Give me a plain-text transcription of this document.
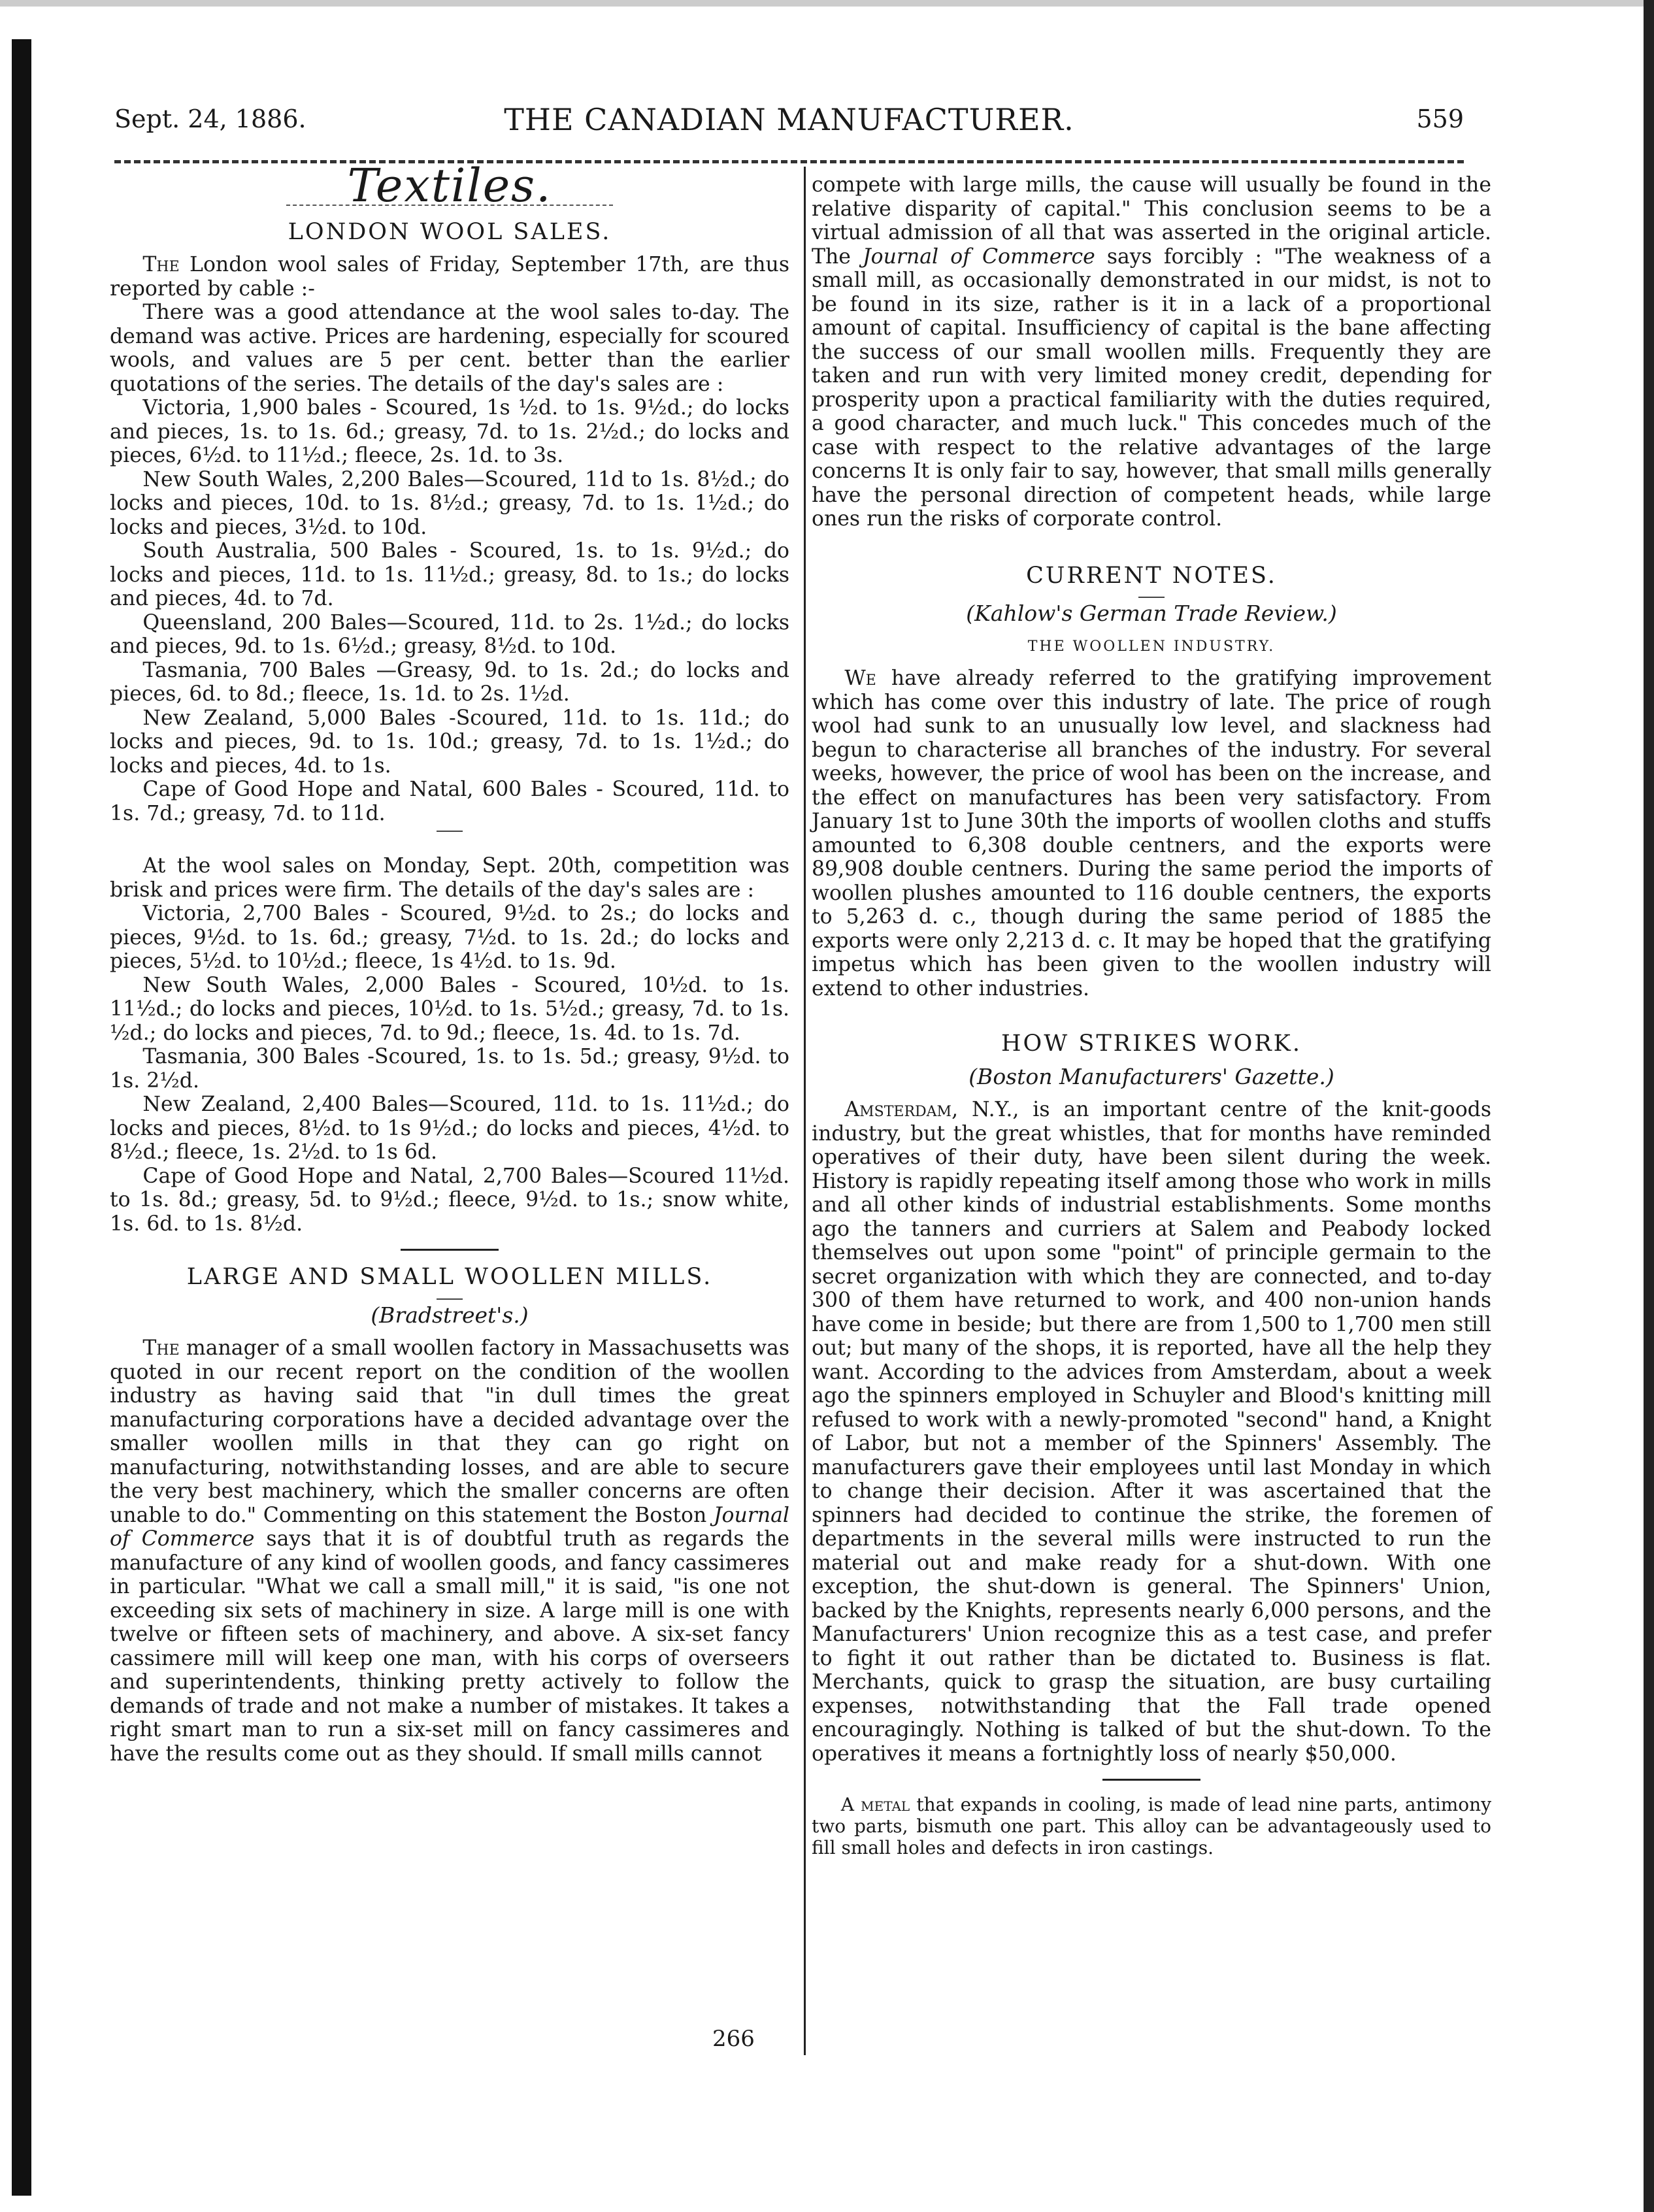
Sept. 24, 1886.	THE CANADIAN MANUFACTURER.	559
Textiles.
LONDON WOOL SALES.

The London wool sales of Friday, September 17th, are thus reported by cable :-

There was a good attendance at the wool sales to-day. The demand was active. Prices are hardening, especially for scoured wools, and values are 5 per cent. better than the earlier quotations of the series. The details of the day's sales are :

Victoria, 1,900 bales - Scoured, 1s ½d. to 1s. 9½d.; do locks and pieces, 1s. to 1s. 6d.; greasy, 7d. to 1s. 2½d.; do locks and pieces, 6½d. to 11½d.; fleece, 2s. 1d. to 3s.

New South Wales, 2,200 Bales—Scoured, 11d to 1s. 8½d.; do locks and pieces, 10d. to 1s. 8½d.; greasy, 7d. to 1s. 1½d.; do locks and pieces, 3½d. to 10d.

South Australia, 500 Bales - Scoured, 1s. to 1s. 9½d.; do locks and pieces, 11d. to 1s. 11½d.; greasy, 8d. to 1s.; do locks and pieces, 4d. to 7d.

Queensland, 200 Bales—Scoured, 11d. to 2s. 1½d.; do locks and pieces, 9d. to 1s. 6½d.; greasy, 8½d. to 10d.

Tasmania, 700 Bales —Greasy, 9d. to 1s. 2d.; do locks and pieces, 6d. to 8d.; fleece, 1s. 1d. to 2s. 1½d.

New Zealand, 5,000 Bales -Scoured, 11d. to 1s. 11d.; do locks and pieces, 9d. to 1s. 10d.; greasy, 7d. to 1s. 1½d.; do locks and pieces, 4d. to 1s.

Cape of Good Hope and Natal, 600 Bales - Scoured, 11d. to 1s. 7d.; greasy, 7d. to 11d.

At the wool sales on Monday, Sept. 20th, competition was brisk and prices were firm. The details of the day's sales are :

Victoria, 2,700 Bales - Scoured, 9½d. to 2s.; do locks and pieces, 9½d. to 1s. 6d.; greasy, 7½d. to 1s. 2d.; do locks and pieces, 5½d. to 10½d.; fleece, 1s 4½d. to 1s. 9d.

New South Wales, 2,000 Bales - Scoured, 10½d. to 1s. 11½d.; do locks and pieces, 10½d. to 1s. 5½d.; greasy, 7d. to 1s. ½d.; do locks and pieces, 7d. to 9d.; fleece, 1s. 4d. to 1s. 7d.

Tasmania, 300 Bales -Scoured, 1s. to 1s. 5d.; greasy, 9½d. to 1s. 2½d.

New Zealand, 2,400 Bales—Scoured, 11d. to 1s. 11½d.; do locks and pieces, 8½d. to 1s 9½d.; do locks and pieces, 4½d. to 8½d.; fleece, 1s. 2½d. to 1s 6d.

Cape of Good Hope and Natal, 2,700 Bales—Scoured 11½d. to 1s. 8d.; greasy, 5d. to 9½d.; fleece, 9½d. to 1s.; snow white, 1s. 6d. to 1s. 8½d.

LARGE AND SMALL WOOLLEN MILLS.
(Bradstreet's.)

The manager of a small woollen factory in Massachusetts was quoted in our recent report on the condition of the woollen industry as having said that "in dull times the great manufacturing corporations have a decided advantage over the smaller woollen mills in that they can go right on manufacturing, notwithstanding losses, and are able to secure the very best machinery, which the smaller concerns are often unable to do." Commenting on this statement the Boston Journal of Commerce says that it is of doubtful truth as regards the manufacture of any kind of woollen goods, and fancy cassimeres in particular. "What we call a small mill," it is said, "is one not exceeding six sets of machinery in size. A large mill is one with twelve or fifteen sets of machinery, and above. A six-set fancy cassimere mill will keep one man, with his corps of overseers and superintendents, thinking pretty actively to follow the demands of trade and not make a number of mistakes. It takes a right smart man to run a six-set mill on fancy cassimeres and have the results come out as they should. If small mills cannot

compete with large mills, the cause will usually be found in the relative disparity of capital." This conclusion seems to be a virtual admission of all that was asserted in the original article. The Journal of Commerce says forcibly : "The weakness of a small mill, as occasionally demonstrated in our midst, is not to be found in its size, rather is it in a lack of a proportional amount of capital. Insufficiency of capital is the bane affecting the success of our small woollen mills. Frequently they are taken and run with very limited money credit, depending for prosperity upon a practical familiarity with the duties required, a good character, and much luck." This concedes much of the case with respect to the relative advantages of the large concerns It is only fair to say, however, that small mills generally have the personal direction of competent heads, while large ones run the risks of corporate control.

CURRENT NOTES.
(Kahlow's German Trade Review.)
THE WOOLLEN INDUSTRY.

We have already referred to the gratifying improvement which has come over this industry of late. The price of rough wool had sunk to an unusually low level, and slackness had begun to characterise all branches of the industry. For several weeks, however, the price of wool has been on the increase, and the effect on manufactures has been very satisfactory. From January 1st to June 30th the imports of woollen cloths and stuffs amounted to 6,308 double centners, and the exports were 89,908 double centners. During the same period the imports of woollen plushes amounted to 116 double centners, the exports to 5,263 d. c., though during the same period of 1885 the exports were only 2,213 d. c. It may be hoped that the gratifying impetus which has been given to the woollen industry will extend to other industries.

HOW STRIKES WORK.
(Boston Manufacturers' Gazette.)

Amsterdam, N.Y., is an important centre of the knit-goods industry, but the great whistles, that for months have reminded operatives of their duty, have been silent during the week. History is rapidly repeating itself among those who work in mills and all other kinds of industrial establishments. Some months ago the tanners and curriers at Salem and Peabody locked themselves out upon some "point" of principle germain to the secret organization with which they are connected, and to-day 300 of them have returned to work, and 400 non-union hands have come in beside; but there are from 1,500 to 1,700 men still out; but many of the shops, it is reported, have all the help they want. According to the advices from Amsterdam, about a week ago the spinners employed in Schuyler and Blood's knitting mill refused to work with a newly-promoted "second" hand, a Knight of Labor, but not a member of the Spinners' Assembly. The manufacturers gave their employees until last Monday in which to change their decision. After it was ascertained that the spinners had decided to continue the strike, the foremen of departments in the several mills were instructed to run the material out and make ready for a shut-down. With one exception, the shut-down is general. The Spinners' Union, backed by the Knights, represents nearly 6,000 persons, and the Manufacturers' Union recognize this as a test case, and prefer to fight it out rather than be dictated to. Business is flat. Merchants, quick to grasp the situation, are busy curtailing expenses, notwithstanding that the Fall trade opened encouragingly. Nothing is talked of but the shut-down. To the operatives it means a fortnightly loss of nearly $50,000.

A metal that expands in cooling, is made of lead nine parts, antimony two parts, bismuth one part. This alloy can be advantageously used to fill small holes and defects in iron castings.

266
